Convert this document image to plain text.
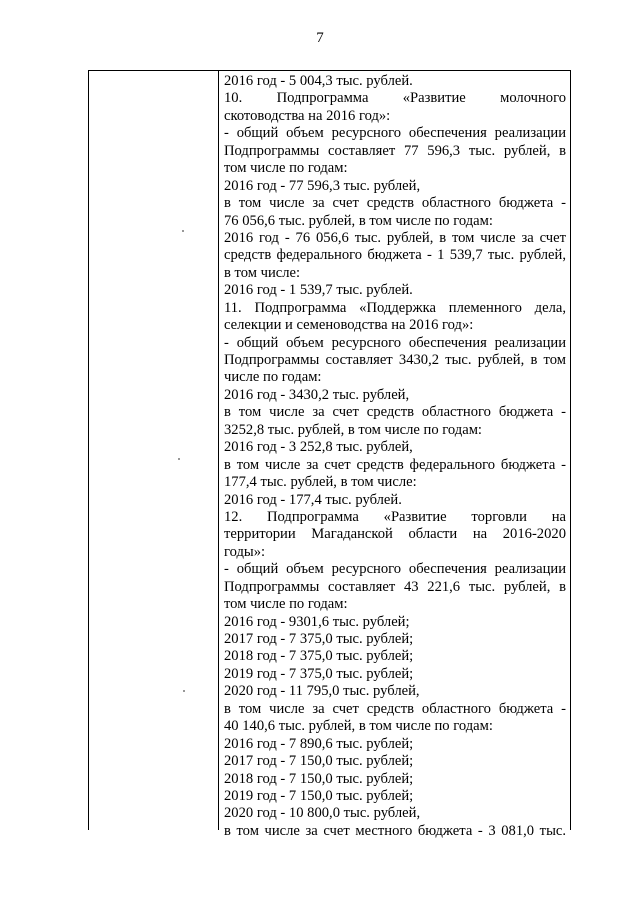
7
2016 год - 5 004,3 тыс. рублей.
10. Подпрограмма «Развитие молочного
скотоводства на 2016 год»:
- общий объем ресурсного обеспечения реализации
Подпрограммы составляет 77 596,3 тыс. рублей, в
том числе по годам:
2016 год - 77 596,3 тыс. рублей,
в том числе за счет средств областного бюджета -
76 056,6 тыс. рублей, в том числе по годам:
2016 год - 76 056,6 тыс. рублей, в том числе за счет
средств федерального бюджета - 1 539,7 тыс. рублей,
в том числе:
2016 год - 1 539,7 тыс. рублей.
11. Подпрограмма «Поддержка племенного дела,
селекции и семеноводства на 2016 год»:
- общий объем ресурсного обеспечения реализации
Подпрограммы составляет 3430,2 тыс. рублей, в том
числе по годам:
2016 год - 3430,2 тыс. рублей,
в том числе за счет средств областного бюджета -
3252,8 тыс. рублей, в том числе по годам:
2016 год - 3 252,8 тыс. рублей,
в том числе за счет средств федерального бюджета -
177,4 тыс. рублей, в том числе:
2016 год - 177,4 тыс. рублей.
12. Подпрограмма «Развитие торговли на
территории Магаданской области на 2016-2020
годы»:
- общий объем ресурсного обеспечения реализации
Подпрограммы составляет 43 221,6 тыс. рублей, в
том числе по годам:
2016 год - 9301,6 тыс. рублей;
2017 год - 7 375,0 тыс. рублей;
2018 год - 7 375,0 тыс. рублей;
2019 год - 7 375,0 тыс. рублей;
2020 год - 11 795,0 тыс. рублей,
в том числе за счет средств областного бюджета -
40 140,6 тыс. рублей, в том числе по годам:
2016 год - 7 890,6 тыс. рублей;
2017 год - 7 150,0 тыс. рублей;
2018 год - 7 150,0 тыс. рублей;
2019 год - 7 150,0 тыс. рублей;
2020 год - 10 800,0 тыс. рублей,
в том числе за счет местного бюджета - 3 081,0 тыс.
